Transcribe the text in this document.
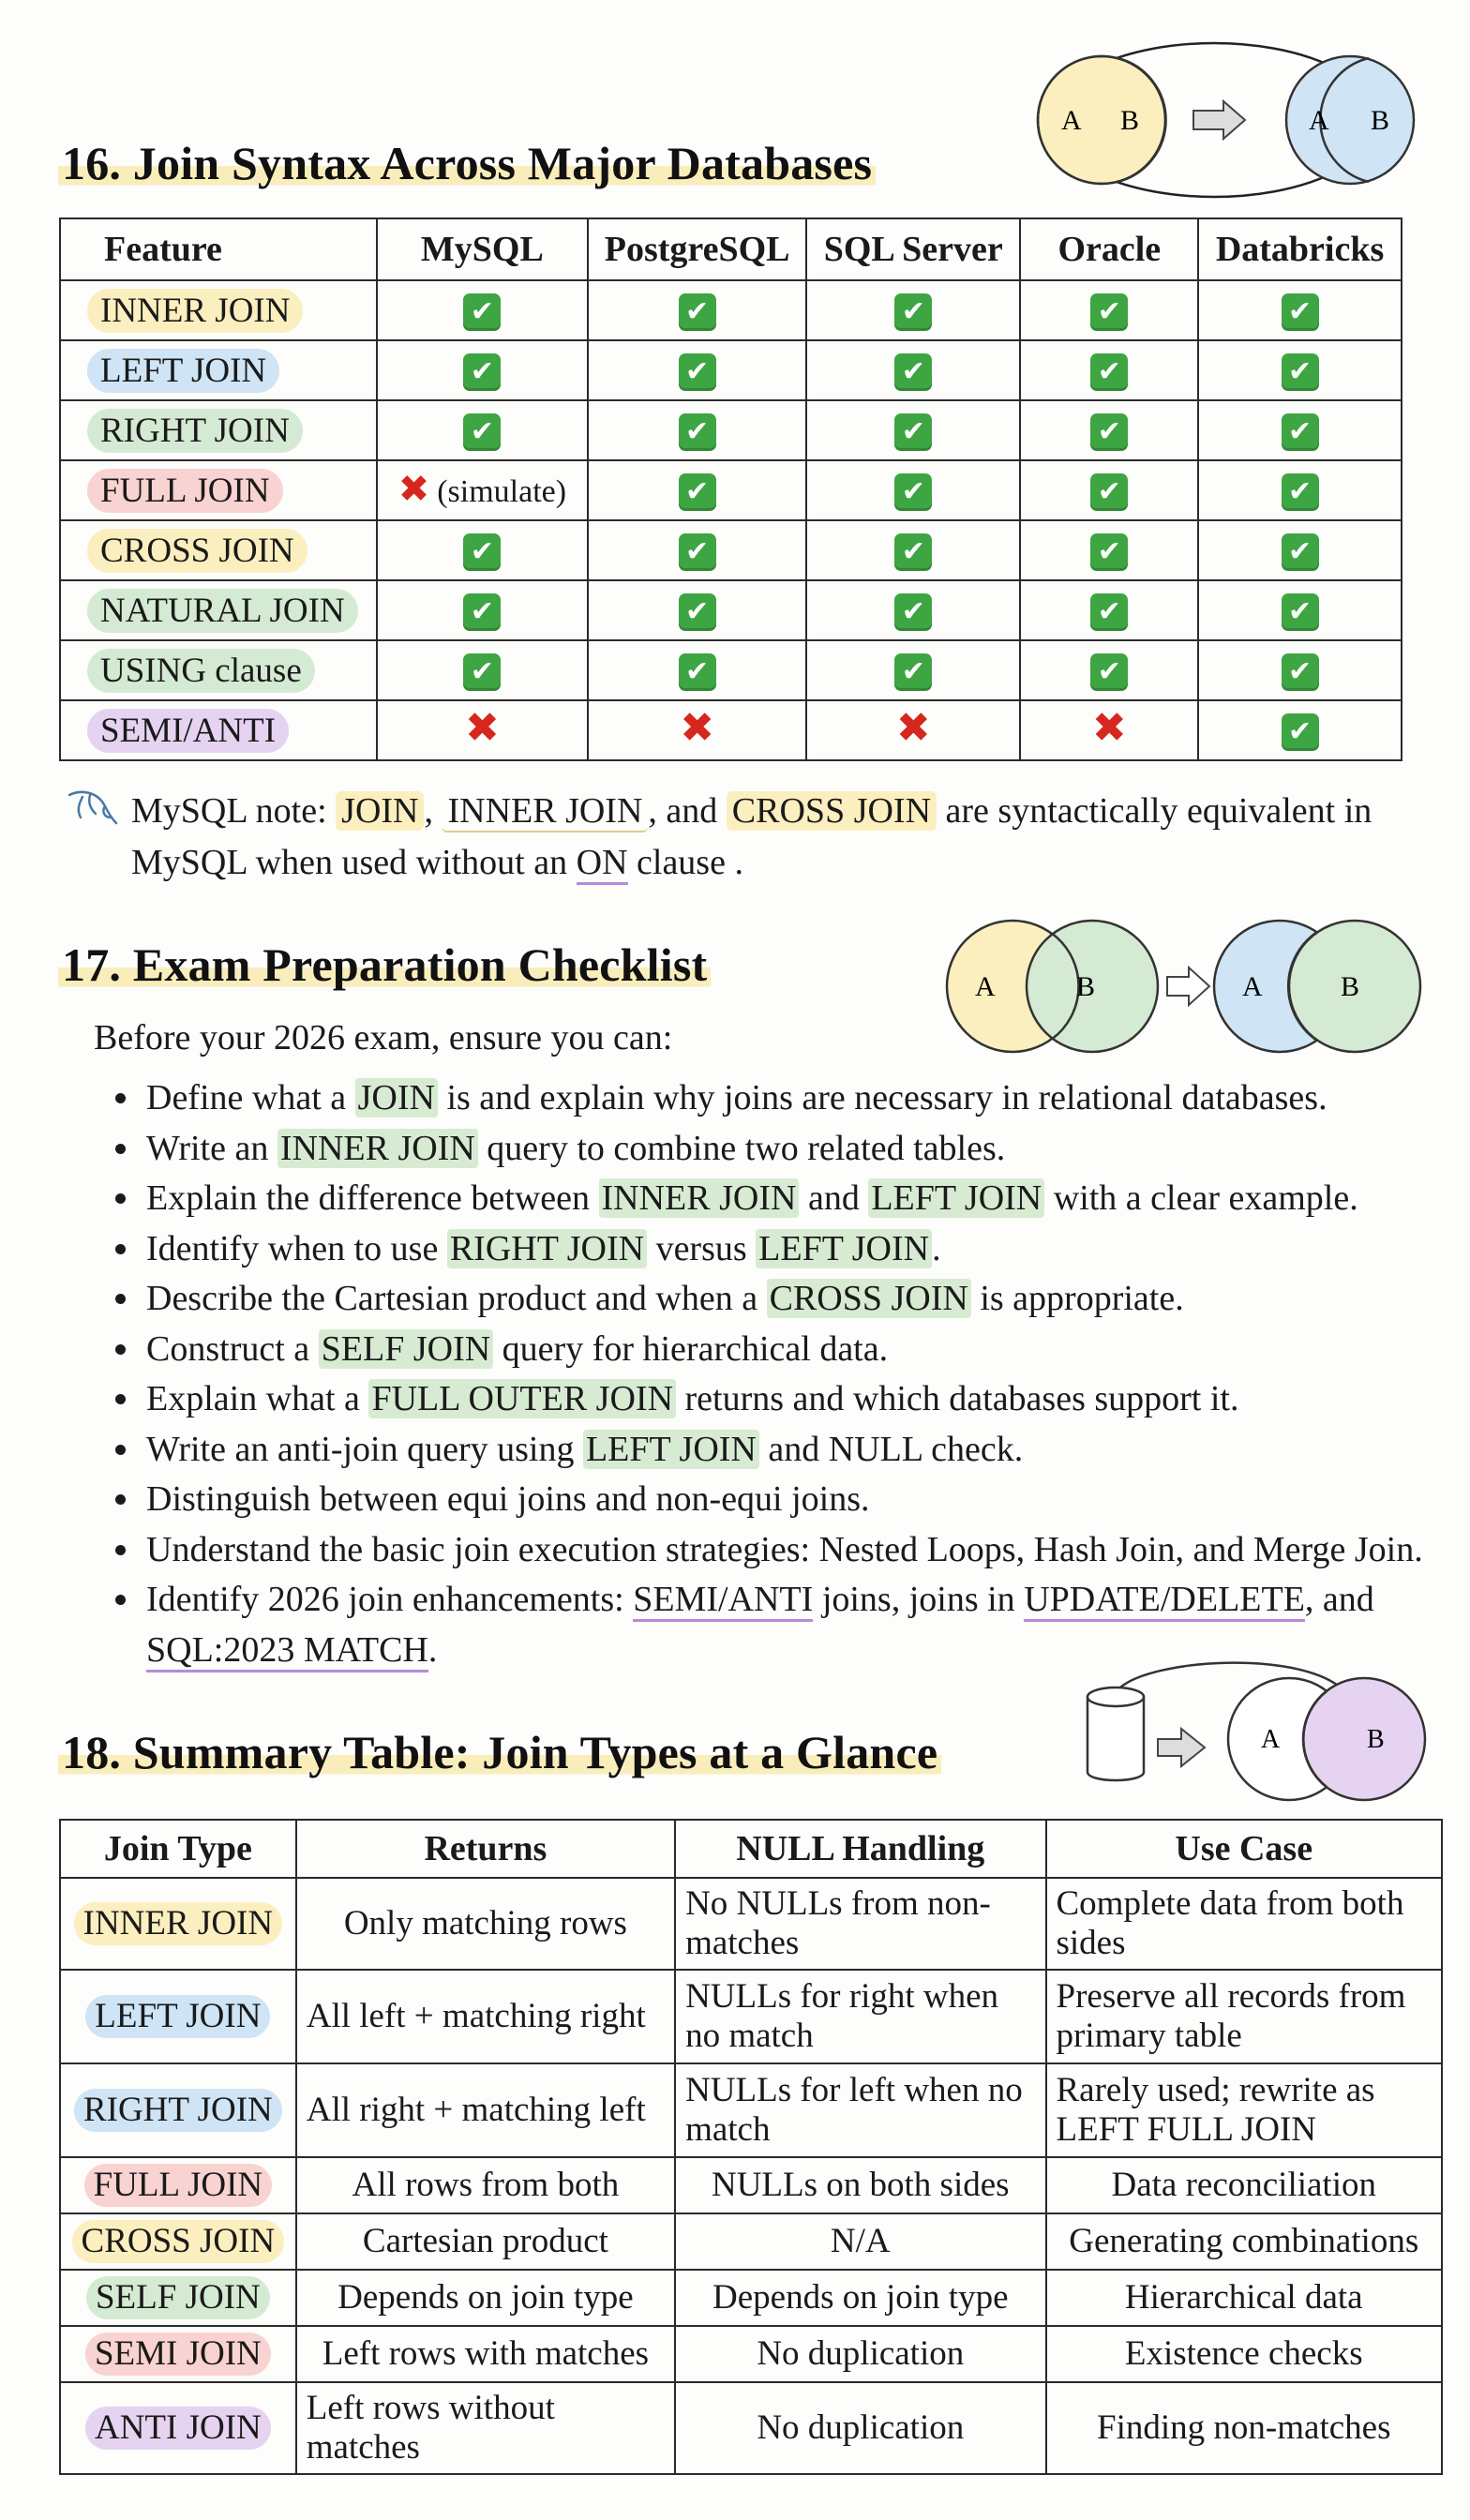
16. Join Syntax Across Major Databases
A B	A B
Feature	MySQL	PostgreSQL	SQL Server	Oracle	Databricks
INNER JOIN	✔	✔	✔	✔	✔
LEFT JOIN	✔	✔	✔	✔	✔
RIGHT JOIN	✔	✔	✔	✔	✔
FULL JOIN	✖ (simulate)	✔	✔	✔	✔
CROSS JOIN	✔	✔	✔	✔	✔
NATURAL JOIN	✔	✔	✔	✔	✔
USING clause	✔	✔	✔	✔	✔
SEMI/ANTI	✖	✖	✖	✖	✔
MySQL note: JOIN , INNER JOIN , and CROSS JOIN are syntactically equivalent in MySQL when used without an ON clause .
17. Exam Preparation Checklist	A	B	A	B
Before your 2026 exam, ensure you can:
• Define what a JOIN is and explain why joins are necessary in relational databases.
• Write an INNER JOIN query to combine two related tables.
• Explain the difference between INNER JOIN and LEFT JOIN with a clear example.
• Identify when to use RIGHT JOIN versus LEFT JOIN.
• Describe the Cartesian product and when a CROSS JOIN is appropriate.
• Construct a SELF JOIN query for hierarchical data.
• Explain what a FULL OUTER JOIN returns and which databases support it.
• Write an anti-join query using LEFT JOIN and NULL check.
• Distinguish between equi joins and non-equi joins.
• Understand the basic join execution strategies: Nested Loops, Hash Join, and Merge Join.
• Identify 2026 join enhancements: SEMI/ANTI joins, joins in UPDATE/DELETE, and SQL:2023 MATCH.
18. Summary Table: Join Types at a Glance	A	B
Join Type	Returns	NULL Handling	Use Case
INNER JOIN	Only matching rows	No NULLs from non-matches	Complete data from both sides
LEFT JOIN	All left + matching right	NULLs for right when no match	Preserve all records from primary table
RIGHT JOIN	All right + matching left	NULLs for left when no match	Rarely used; rewrite as LEFT FULL JOIN
FULL JOIN	All rows from both	NULLs on both sides	Data reconciliation
CROSS JOIN	Cartesian product	N/A	Generating combinations
SELF JOIN	Depends on join type	Depends on join type	Hierarchical data
SEMI JOIN	Left rows with matches	No duplication	Existence checks
ANTI JOIN	Left rows without matches	No duplication	Finding non-matches
